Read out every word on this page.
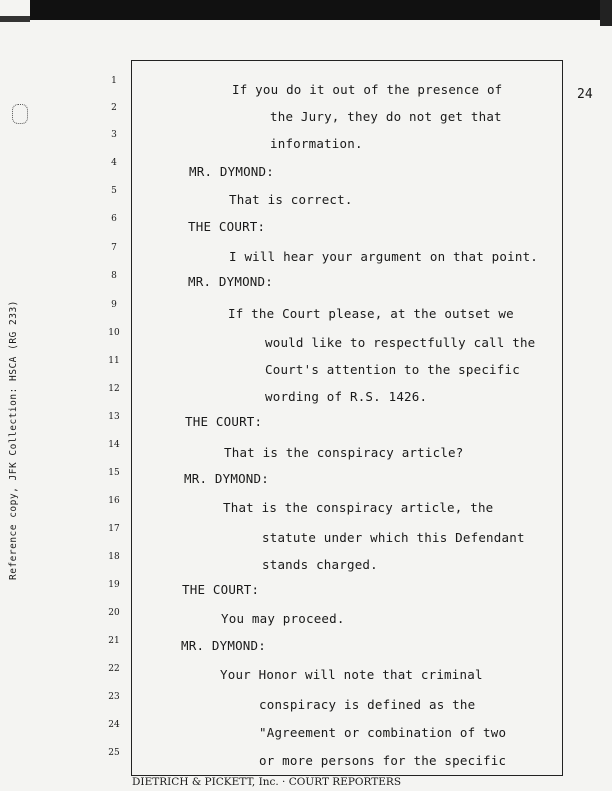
Reference copy, JFK Collection: HSCA (RG 233)
24
1
2
3
4
5
6
7
8
9
10
11
12
13
14
15
16
17
18
19
20
21
22
23
24
25
If you do it out of the presence of
the Jury, they do not get that
information.
MR. DYMOND:
That is correct.
THE COURT:
I will hear your argument on that point.
MR. DYMOND:
If the Court please, at the outset we
would like to respectfully call the
Court's attention to the specific
wording of R.S. 1426.
THE COURT:
That is the conspiracy article?
MR. DYMOND:
That is the conspiracy article, the
statute under which this Defendant
stands charged.
THE COURT:
You may proceed.
MR. DYMOND:
Your Honor will note that criminal
conspiracy is defined as the
"Agreement or combination of two
or more persons for the specific
DIETRICH & PICKETT, Inc. · COURT REPORTERS
